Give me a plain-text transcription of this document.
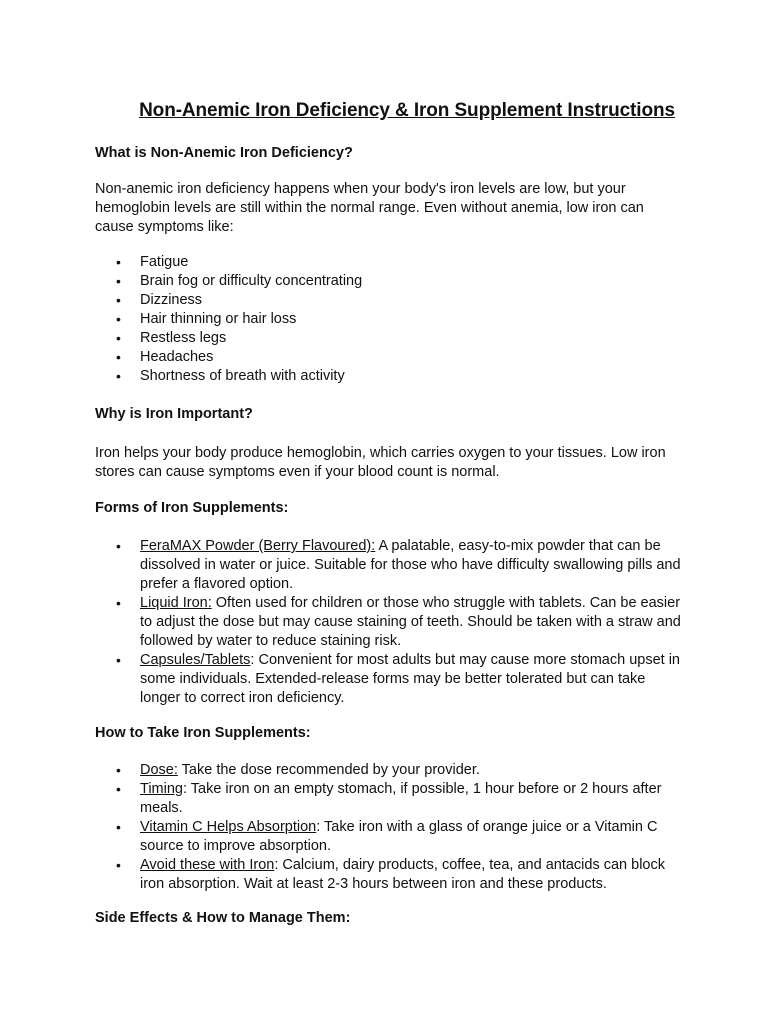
Non-Anemic Iron Deficiency & Iron Supplement Instructions
What is Non-Anemic Iron Deficiency?

Non-anemic iron deficiency happens when your body's iron levels are low, but your hemoglobin levels are still within the normal range. Even without anemia, low iron can cause symptoms like:

• Fatigue
• Brain fog or difficulty concentrating
• Dizziness
• Hair thinning or hair loss
• Restless legs
• Headaches
• Shortness of breath with activity
Why is Iron Important?

Iron helps your body produce hemoglobin, which carries oxygen to your tissues. Low iron stores can cause symptoms even if your blood count is normal.

Forms of Iron Supplements:
• FeraMAX Powder (Berry Flavoured): A palatable, easy-to-mix powder that can be dissolved in water or juice. Suitable for those who have difficulty swallowing pills and prefer a flavored option.
• Liquid Iron: Often used for children or those who struggle with tablets. Can be easier to adjust the dose but may cause staining of teeth. Should be taken with a straw and followed by water to reduce staining risk.
• Capsules/Tablets: Convenient for most adults but may cause more stomach upset in some individuals. Extended-release forms may be better tolerated but can take longer to correct iron deficiency.
How to Take Iron Supplements:
• Dose: Take the dose recommended by your provider.
• Timing: Take iron on an empty stomach, if possible, 1 hour before or 2 hours after meals.
• Vitamin C Helps Absorption: Take iron with a glass of orange juice or a Vitamin C source to improve absorption.
• Avoid these with Iron: Calcium, dairy products, coffee, tea, and antacids can block iron absorption. Wait at least 2-3 hours between iron and these products.
Side Effects & How to Manage Them:
